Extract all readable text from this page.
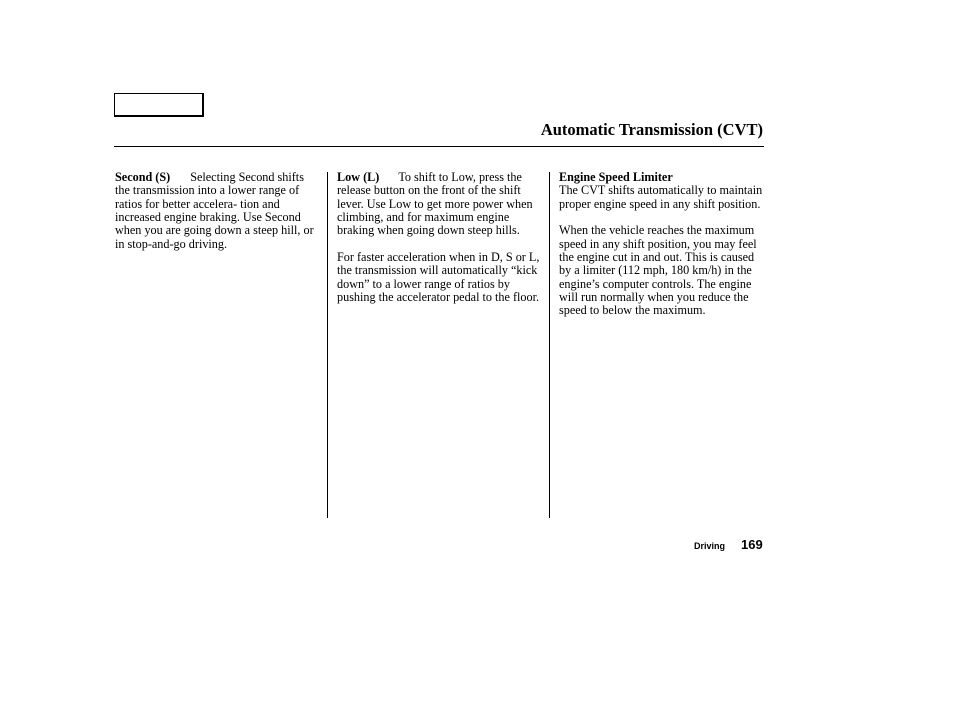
Automatic Transmission (CVT)

Second (S) Selecting Second shifts the transmission into a lower range of ratios for better accelera- tion and increased engine braking. Use Second when you are going down a steep hill, or in stop-and-go driving.

Low (L) To shift to Low, press the release button on the front of the shift lever. Use Low to get more power when climbing, and for maximum engine braking when going down steep hills.

For faster acceleration when in D, S or L, the transmission will automatically “kick down” to a lower range of ratios by pushing the accelerator pedal to the floor.

Engine Speed Limiter
The CVT shifts automatically to maintain proper engine speed in any shift position.

When the vehicle reaches the maximum speed in any shift position, you may feel the engine cut in and out. This is caused by a limiter (112 mph, 180 km/h) in the engine’s computer controls. The engine will run normally when you reduce the speed to below the maximum.

Driving 169
